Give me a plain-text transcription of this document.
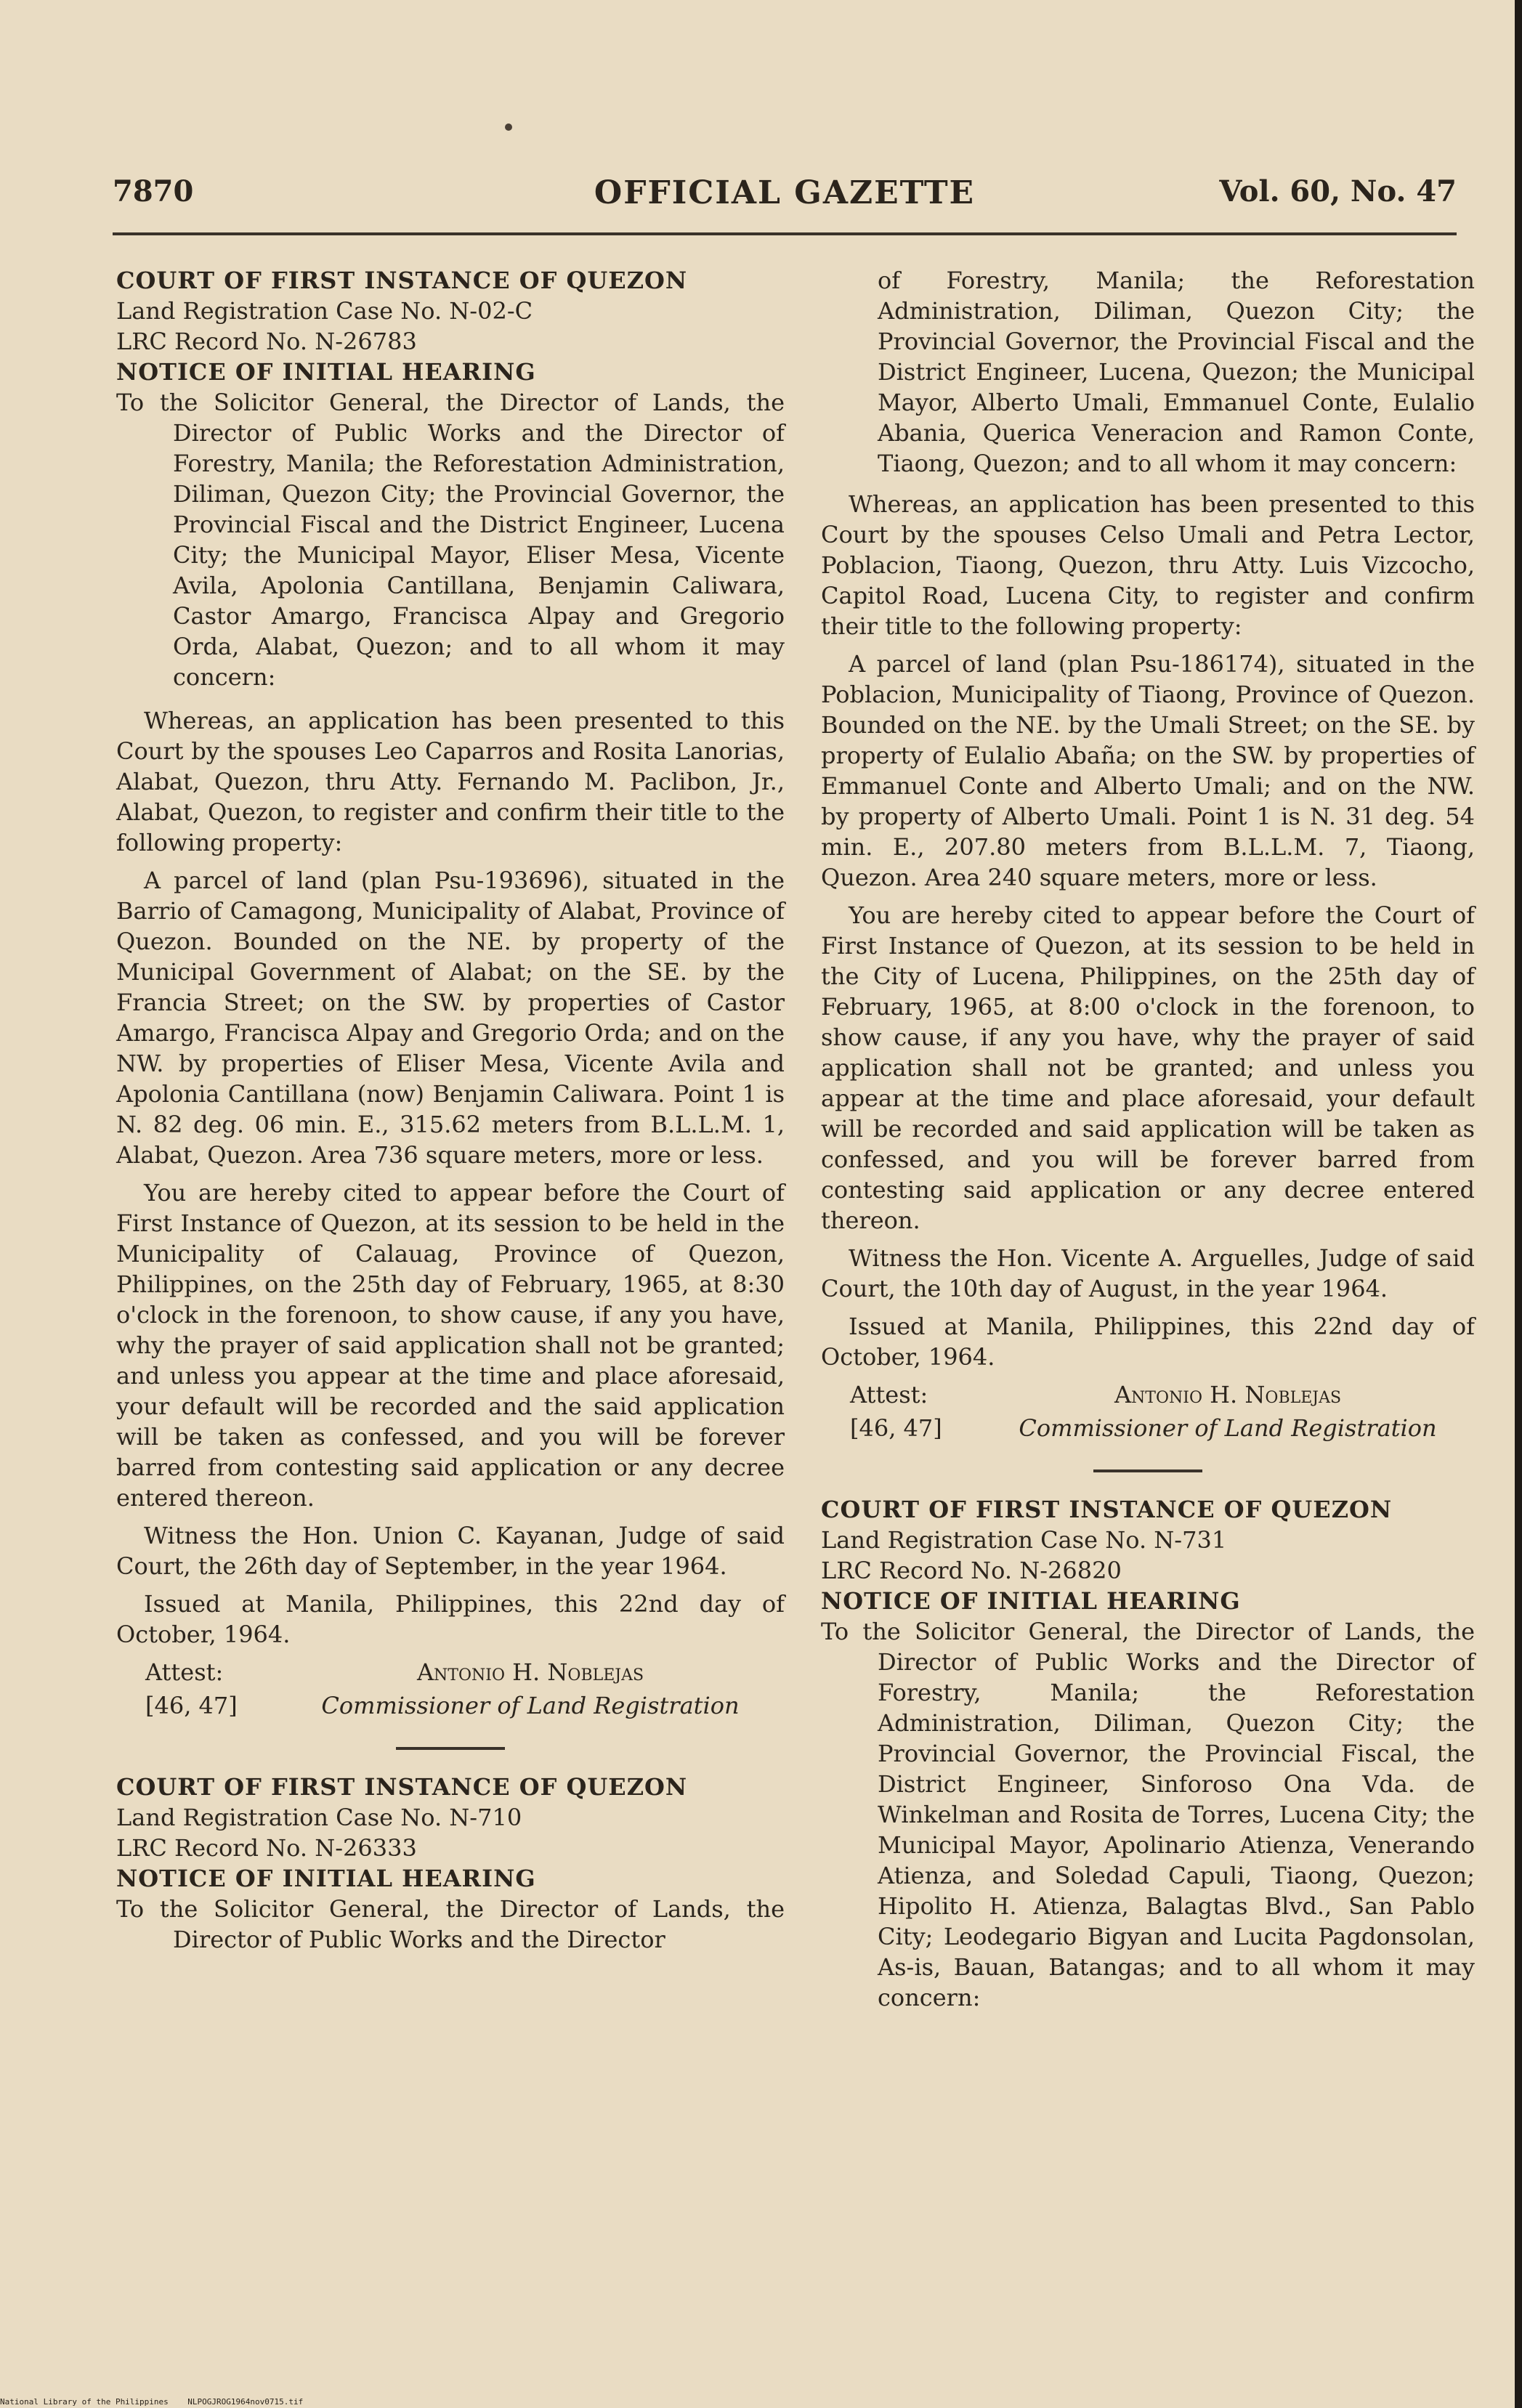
OFFICIAL GAZETTE
7870	Vol. 60, No. 47

COURT OF FIRST INSTANCE OF QUEZON

Land Registration Case No. N-02-C

LRC Record No. N-26783

NOTICE OF INITIAL HEARING

To the Solicitor General, the Director of Lands, the Director of Public Works and the Director of Forestry, Manila; the Reforestation Administration, Diliman, Quezon City; the Provincial Governor, the Provincial Fiscal and the District Engineer, Lucena City; the Municipal Mayor, Eliser Mesa, Vicente Avila, Apolonia Cantillana, Benjamin Caliwara, Castor Amargo, Francisca Alpay and Gregorio Orda, Alabat, Quezon; and to all whom it may concern:

Whereas, an application has been presented to this Court by the spouses Leo Caparros and Rosita Lanorias, Alabat, Quezon, thru Atty. Fernando M. Paclibon, Jr., Alabat, Quezon, to register and confirm their title to the following property:

A parcel of land (plan Psu-193696), situated in the Barrio of Camagong, Municipality of Alabat, Province of Quezon. Bounded on the NE. by property of the Municipal Government of Alabat; on the SE. by the Francia Street; on the SW. by properties of Castor Amargo, Francisca Alpay and Gregorio Orda; and on the NW. by properties of Eliser Mesa, Vicente Avila and Apolonia Cantillana (now) Benjamin Caliwara. Point 1 is N. 82 deg. 06 min. E., 315.62 meters from B.L.L.M. 1, Alabat, Quezon. Area 736 square meters, more or less.

You are hereby cited to appear before the Court of First Instance of Quezon, at its session to be held in the Municipality of Calauag, Province of Quezon, Philippines, on the 25th day of February, 1965, at 8:30 o'clock in the forenoon, to show cause, if any you have, why the prayer of said application shall not be granted; and unless you appear at the time and place aforesaid, your default will be recorded and the said application will be taken as confessed, and you will be forever barred from contesting said application or any decree entered thereon.

Witness the Hon. Union C. Kayanan, Judge of said Court, the 26th day of September, in the year 1964.

Issued at Manila, Philippines, this 22nd day of October, 1964.

Attest:	Antonio H. Noblejas
[46, 47]	Commissioner of Land Registration

COURT OF FIRST INSTANCE OF QUEZON

Land Registration Case No. N-710

LRC Record No. N-26333

NOTICE OF INITIAL HEARING

To the Solicitor General, the Director of Lands, the Director of Public Works and the Director

of Forestry, Manila; the Reforestation Administration, Diliman, Quezon City; the Provincial Governor, the Provincial Fiscal and the District Engineer, Lucena, Quezon; the Municipal Mayor, Alberto Umali, Emmanuel Conte, Eulalio Abania, Querica Veneracion and Ramon Conte, Tiaong, Quezon; and to all whom it may concern:

Whereas, an application has been presented to this Court by the spouses Celso Umali and Petra Lector, Poblacion, Tiaong, Quezon, thru Atty. Luis Vizcocho, Capitol Road, Lucena City, to register and confirm their title to the following property:

A parcel of land (plan Psu-186174), situated in the Poblacion, Municipality of Tiaong, Province of Quezon. Bounded on the NE. by the Umali Street; on the SE. by property of Eulalio Abaña; on the SW. by properties of Emmanuel Conte and Alberto Umali; and on the NW. by property of Alberto Umali. Point 1 is N. 31 deg. 54 min. E., 207.80 meters from B.L.L.M. 7, Tiaong, Quezon. Area 240 square meters, more or less.

You are hereby cited to appear before the Court of First Instance of Quezon, at its session to be held in the City of Lucena, Philippines, on the 25th day of February, 1965, at 8:00 o'clock in the forenoon, to show cause, if any you have, why the prayer of said application shall not be granted; and unless you appear at the time and place aforesaid, your default will be recorded and said application will be taken as confessed, and you will be forever barred from contesting said application or any decree entered thereon.

Witness the Hon. Vicente A. Arguelles, Judge of said Court, the 10th day of August, in the year 1964.

Issued at Manila, Philippines, this 22nd day of October, 1964.

Attest:	Antonio H. Noblejas
[46, 47]	Commissioner of Land Registration

COURT OF FIRST INSTANCE OF QUEZON

Land Registration Case No. N-731

LRC Record No. N-26820

NOTICE OF INITIAL HEARING

To the Solicitor General, the Director of Lands, the Director of Public Works and the Director of Forestry, Manila; the Reforestation Administration, Diliman, Quezon City; the Provincial Governor, the Provincial Fiscal, the District Engineer, Sinforoso Ona Vda. de Winkelman and Rosita de Torres, Lucena City; the Municipal Mayor, Apolinario Atienza, Venerando Atienza, and Soledad Capuli, Tiaong, Quezon; Hipolito H. Atienza, Balagtas Blvd., San Pablo City; Leodegario Bigyan and Lucita Pagdonsolan, As-is, Bauan, Batangas; and to all whom it may concern:

National Library of the Philippines NLPOGJROG1964nov0715.tif
